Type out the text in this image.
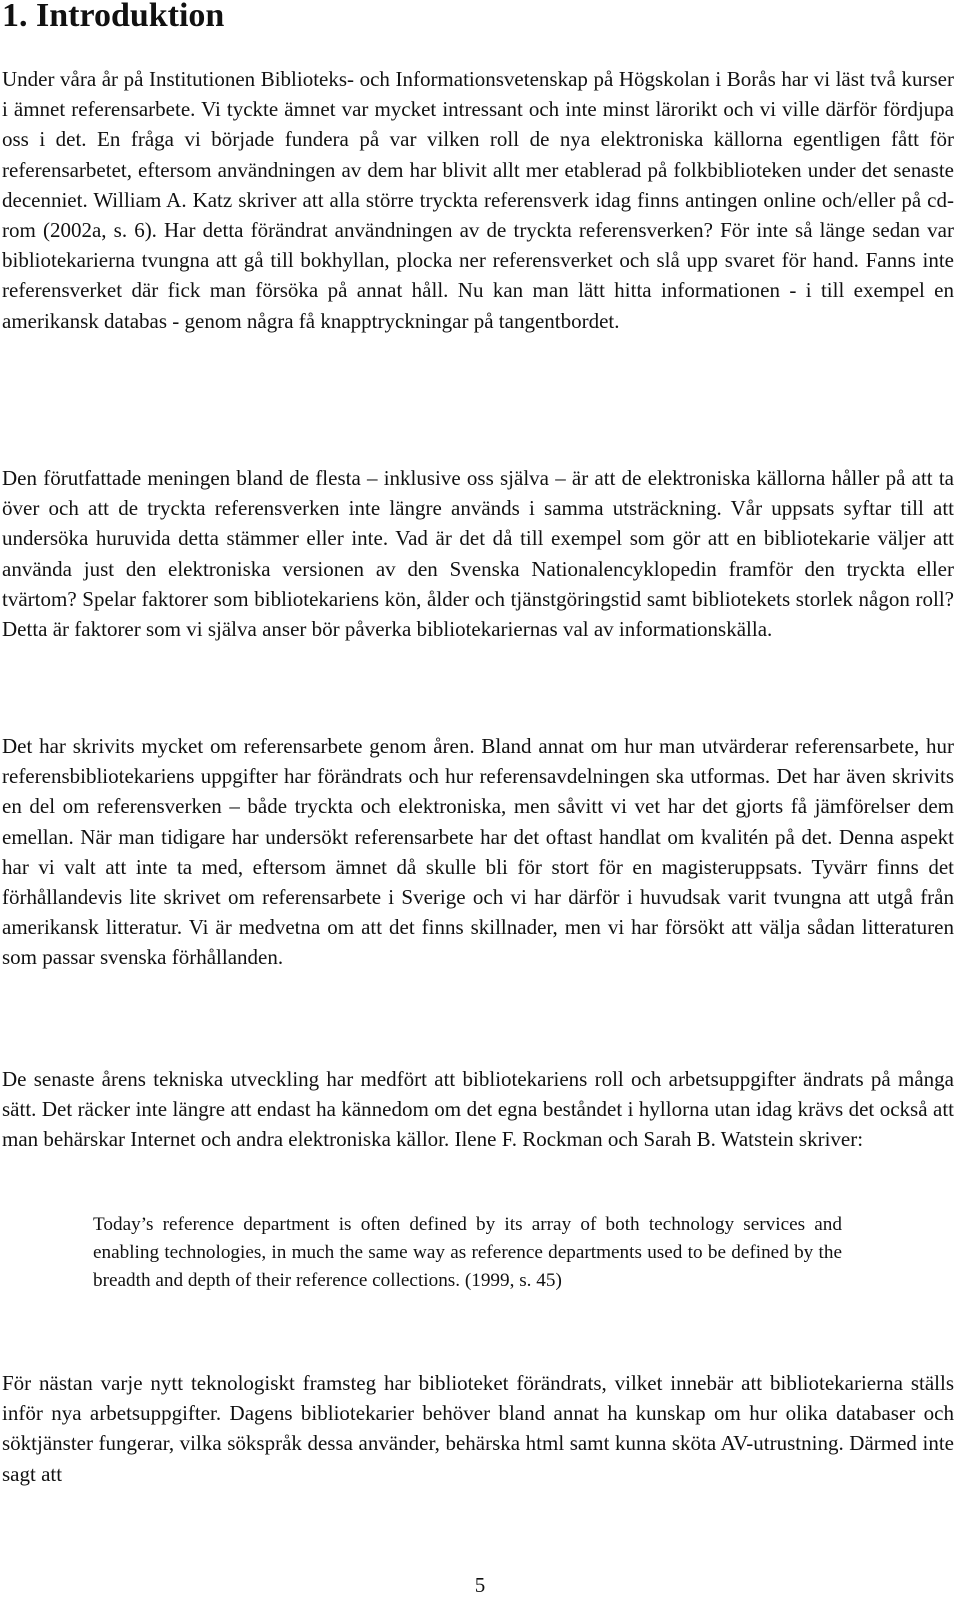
1. Introduktion

Under våra år på Institutionen Biblioteks- och Informationsvetenskap på Högskolan i Borås har vi läst två kurser i ämnet referensarbete. Vi tyckte ämnet var mycket intressant och inte minst lärorikt och vi ville därför fördjupa oss i det. En fråga vi började fundera på var vilken roll de nya elektroniska källorna egentligen fått för referensarbetet, eftersom användningen av dem har blivit allt mer etablerad på folkbiblioteken under det senaste decenniet. William A. Katz skriver att alla större tryckta referensverk idag finns antingen online och/eller på cd-rom (2002a, s. 6). Har detta förändrat användningen av de tryckta referensverken? För inte så länge sedan var bibliotekarierna tvungna att gå till bokhyllan, plocka ner referensverket och slå upp svaret för hand. Fanns inte referensverket där fick man försöka på annat håll. Nu kan man lätt hitta informationen - i till exempel en amerikansk databas - genom några få knapptryckningar på tangentbordet.

Den förutfattade meningen bland de flesta – inklusive oss själva – är att de elektroniska källorna håller på att ta över och att de tryckta referensverken inte längre används i samma utsträckning. Vår uppsats syftar till att undersöka huruvida detta stämmer eller inte. Vad är det då till exempel som gör att en bibliotekarie väljer att använda just den elektroniska versionen av den Svenska Nationalencyklopedin framför den tryckta eller tvärtom? Spelar faktorer som bibliotekariens kön, ålder och tjänstgöringstid samt bibliotekets storlek någon roll? Detta är faktorer som vi själva anser bör påverka bibliotekariernas val av informationskälla.

Det har skrivits mycket om referensarbete genom åren. Bland annat om hur man utvärderar referensarbete, hur referensbibliotekariens uppgifter har förändrats och hur referensavdelningen ska utformas. Det har även skrivits en del om referensverken – både tryckta och elektroniska, men såvitt vi vet har det gjorts få jämförelser dem emellan. När man tidigare har undersökt referensarbete har det oftast handlat om kvalitén på det. Denna aspekt har vi valt att inte ta med, eftersom ämnet då skulle bli för stort för en magisteruppsats. Tyvärr finns det förhållandevis lite skrivet om referensarbete i Sverige och vi har därför i huvudsak varit tvungna att utgå från amerikansk litteratur. Vi är medvetna om att det finns skillnader, men vi har försökt att välja sådan litteraturen som passar svenska förhållanden.

De senaste årens tekniska utveckling har medfört att bibliotekariens roll och arbetsuppgifter ändrats på många sätt. Det räcker inte längre att endast ha kännedom om det egna beståndet i hyllorna utan idag krävs det också att man behärskar Internet och andra elektroniska källor. Ilene F. Rockman och Sarah B. Watstein skriver:

Today’s reference department is often defined by its array of both technology services and enabling technologies, in much the same way as reference departments used to be defined by the breadth and depth of their reference collections. (1999, s. 45)

För nästan varje nytt teknologiskt framsteg har biblioteket förändrats, vilket innebär att bibliotekarierna ställs inför nya arbetsuppgifter. Dagens bibliotekarier behöver bland annat ha kunskap om hur olika databaser och söktjänster fungerar, vilka sökspråk dessa använder, behärska html samt kunna sköta AV-utrustning. Därmed inte sagt att

5
